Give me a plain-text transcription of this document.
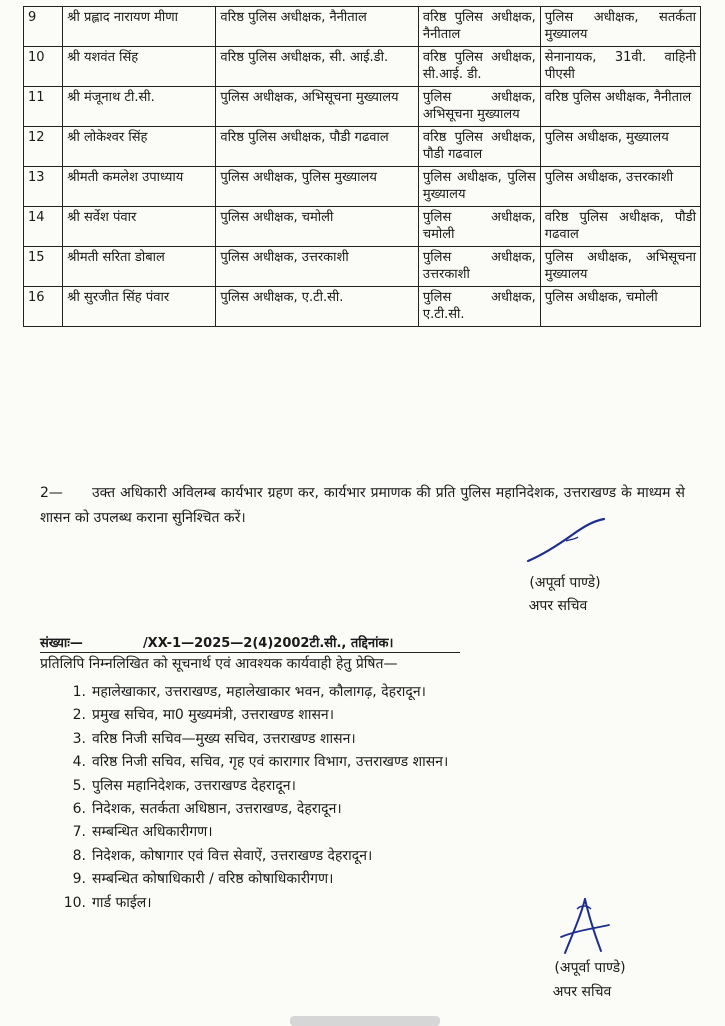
9	श्री प्रह्लाद नारायण मीणा	वरिष्ठ पुलिस अधीक्षक, नैनीताल	वरिष्ठ पुलिस अधीक्षक, नैनीताल	पुलिस अधीक्षक, सतर्कता मुख्यालय
10	श्री यशवंत सिंह	वरिष्ठ पुलिस अधीक्षक, सी. आई.डी.	वरिष्ठ पुलिस अधीक्षक, सी.आई. डी.	सेनानायक, 31वी. वाहिनी पीएसी
11	श्री मंजूनाथ टी.सी.	पुलिस अधीक्षक, अभिसूचना मुख्यालय	पुलिस अधीक्षक, अभिसूचना मुख्यालय	वरिष्ठ पुलिस अधीक्षक, नैनीताल
12	श्री लोकेश्वर सिंह	वरिष्ठ पुलिस अधीक्षक, पौडी गढवाल	वरिष्ठ पुलिस अधीक्षक, पौडी गढवाल	पुलिस अधीक्षक, मुख्यालय
13	श्रीमती कमलेश उपाध्याय	पुलिस अधीक्षक, पुलिस मुख्यालय	पुलिस अधीक्षक, पुलिस मुख्यालय	पुलिस अधीक्षक, उत्तरकाशी
14	श्री सर्वेश पंवार	पुलिस अधीक्षक, चमोली	पुलिस अधीक्षक, चमोली	वरिष्ठ पुलिस अधीक्षक, पौडी गढवाल
15	श्रीमती सरिता डोबाल	पुलिस अधीक्षक, उत्तरकाशी	पुलिस अधीक्षक, उत्तरकाशी	पुलिस अधीक्षक, अभिसूचना मुख्यालय
16	श्री सुरजीत सिंह पंवार	पुलिस अधीक्षक, ए.टी.सी.	पुलिस अधीक्षक, ए.टी.सी.	पुलिस अधीक्षक, चमोली
2— उक्त अधिकारी अविलम्ब कार्यभार ग्रहण कर, कार्यभार प्रमाणक की प्रति पुलिस महानिदेशक, उत्तराखण्ड के माध्यम से शासन को उपलब्ध कराना सुनिश्चित करें।
(अपूर्वा पाण्डे)
अपर सचिव
संख्याः—	/XX-1—2025—2(4)2002टी.सी., तद्दिनांक।
प्रतिलिपि निम्नलिखित को सूचनार्थ एवं आवश्यक कार्यवाही हेतु प्रेषित—
1. महालेखाकार, उत्तराखण्ड, महालेखाकार भवन, कौलागढ़, देहरादून।
2. प्रमुख सचिव, मा0 मुख्यमंत्री, उत्तराखण्ड शासन।
3. वरिष्ठ निजी सचिव—मुख्य सचिव, उत्तराखण्ड शासन।
4. वरिष्ठ निजी सचिव, सचिव, गृह एवं कारागार विभाग, उत्तराखण्ड शासन।
5. पुलिस महानिदेशक, उत्तराखण्ड देहरादून।
6. निदेशक, सतर्कता अधिष्ठान, उत्तराखण्ड, देहरादून।
7. सम्बन्धित अधिकारीगण।
8. निदेशक, कोषागार एवं वित्त सेवाऐं, उत्तराखण्ड देहरादून।
9. सम्बन्धित कोषाधिकारी / वरिष्ठ कोषाधिकारीगण।
10. गार्ड फाईल।
(अपूर्वा पाण्डे)
अपर सचिव
